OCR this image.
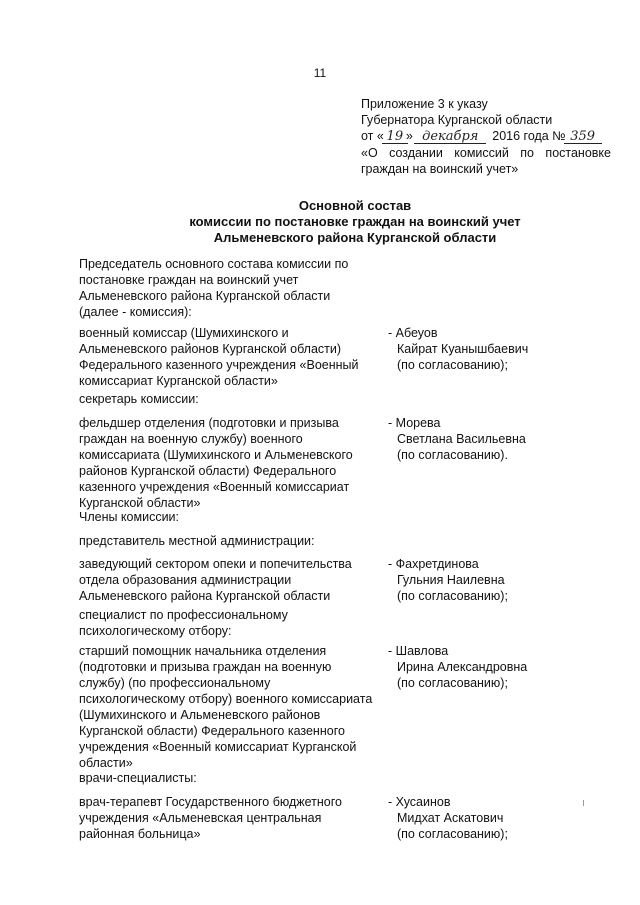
11
Приложение 3 к указу
Губернатора Курганской области
от « 19 » декабря 2016 года № 359
«О создании комиссий по постановке
граждан на воинский учет»
Основной состав
комиссии по постановке граждан на воинский учет
Альменевского района Курганской области
Председатель основного состава комиссии по
постановке граждан на воинский учет
Альменевского района Курганской области
(далее - комиссия):
военный комиссар (Шумихинского и
Альменевского районов Курганской области)
Федерального казенного учреждения «Военный
комиссариат Курганской области»
- Абеуов
Кайрат Куанышбаевич
(по согласованию);
секретарь комиссии:
фельдшер отделения (подготовки и призыва
граждан на военную службу) военного
комиссариата (Шумихинского и Альменевского
районов Курганской области) Федерального
казенного учреждения «Военный комиссариат
Курганской области»
- Морева
Светлана Васильевна
(по согласованию).
Члены комиссии:
представитель местной администрации:
заведующий сектором опеки и попечительства
отдела образования администрации
Альменевского района Курганской области
- Фахретдинова
Гульния Наилевна
(по согласованию);
специалист по профессиональному
психологическому отбору:
старший помощник начальника отделения
(подготовки и призыва граждан на военную
службу) (по профессиональному
психологическому отбору) военного комиссариата
(Шумихинского и Альменевского районов
Курганской области) Федерального казенного
учреждения «Военный комиссариат Курганской
области»
- Шавлова
Ирина Александровна
(по согласованию);
врачи-специалисты:
врач-терапевт Государственного бюджетного
учреждения «Альменевская центральная
районная больница»
- Хусаинов
Мидхат Аскатович
(по согласованию);
